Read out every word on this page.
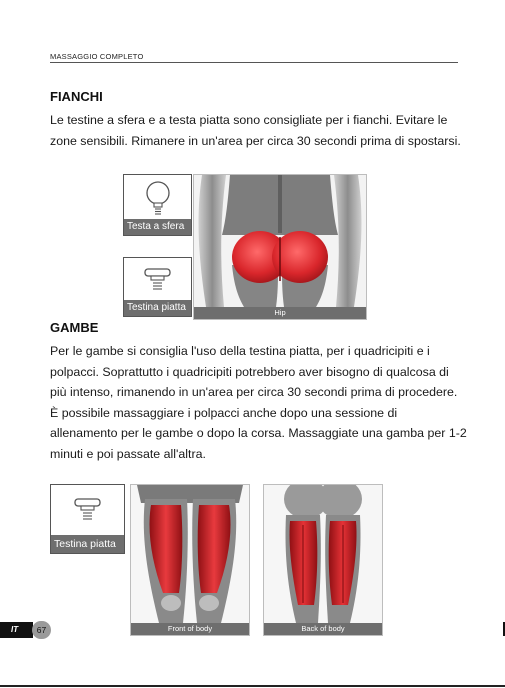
MASSAGGIO COMPLETO
FIANCHI

Le testine a sfera e a testa piatta sono consigliate per i fianchi. Evitare le zone sensibili. Rimanere in un'area per circa 30 secondi prima di spostarsi.

Testa a sfera
Testina piatta	Hip
GAMBE

Per le gambe si consiglia l'uso della testina piatta, per i quadricipiti e i polpacci. Soprattutto i quadricipiti potrebbero aver bisogno di qualcosa di più intenso, rimanendo in un'area per circa 30 secondi prima di procedere. È possibile massaggiare i polpacci anche dopo una sessione di allenamento per le gambe o dopo la corsa. Massaggiate una gamba per 1-2 minuti e poi passate all'altra.

Testina piatta
Front of body	Back of body
IT	67
